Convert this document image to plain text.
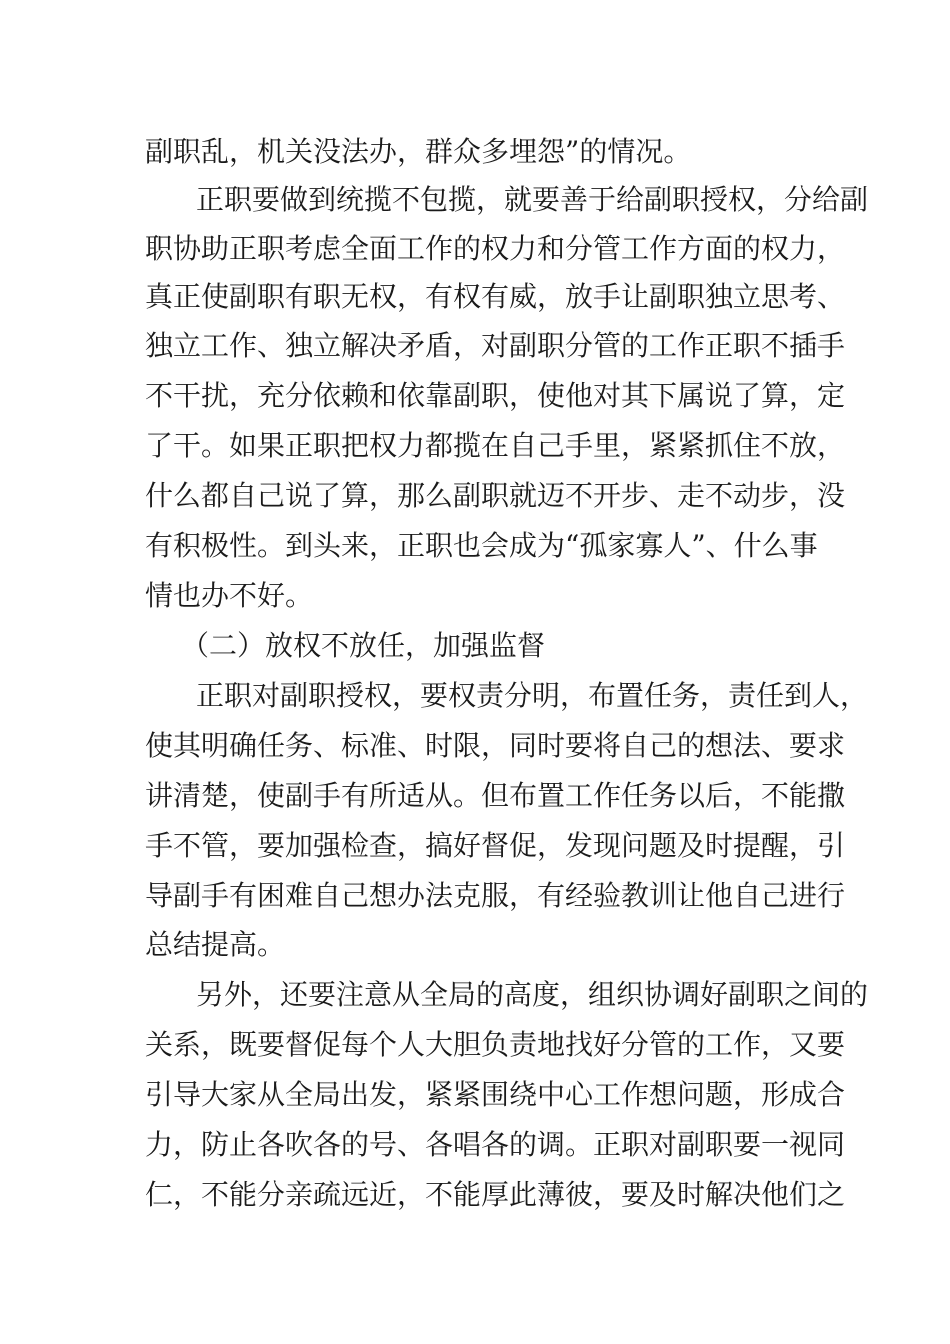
副职乱，机关没法办，群众多埋怨”的情况。
正职要做到统揽不包揽，就要善于给副职授权，分给副
职协助正职考虑全面工作的权力和分管工作方面的权力，
真正使副职有职无权，有权有威，放手让副职独立思考、
独立工作、独立解决矛盾，对副职分管的工作正职不插手
不干扰，充分依赖和依靠副职，使他对其下属说了算，定
了干。如果正职把权力都揽在自己手里，紧紧抓住不放，
什么都自己说了算，那么副职就迈不开步、走不动步，没
有积极性。到头来，正职也会成为“孤家寡人”、什么事
情也办不好。
（二）放权不放任，加强监督
正职对副职授权，要权责分明，布置任务，责任到人，
使其明确任务、标准、时限，同时要将自己的想法、要求
讲清楚，使副手有所适从。但布置工作任务以后，不能撒
手不管，要加强检查，搞好督促，发现问题及时提醒，引
导副手有困难自己想办法克服，有经验教训让他自己进行
总结提高。
另外，还要注意从全局的高度，组织协调好副职之间的
关系，既要督促每个人大胆负责地找好分管的工作，又要
引导大家从全局出发，紧紧围绕中心工作想问题，形成合
力，防止各吹各的号、各唱各的调。正职对副职要一视同
仁，不能分亲疏远近，不能厚此薄彼，要及时解决他们之
